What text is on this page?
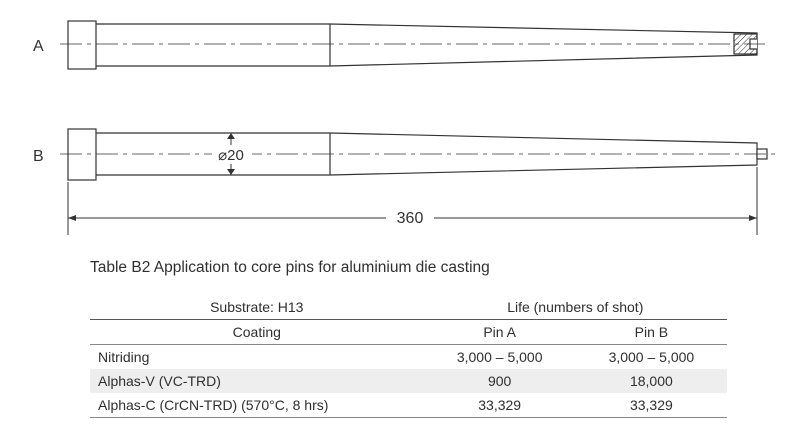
⌀20
360
A
B
Table B2 Application to core pins for aluminium die casting
Substrate: H13	Life (numbers of shot)	
Coating	Pin A	Pin B
Nitriding	3,000 – 5,000	3,000 – 5,000
Alphas-V (VC-TRD)	900	18,000
Alphas-C (CrCN-TRD) (570°C, 8 hrs)	33,329	33,329
